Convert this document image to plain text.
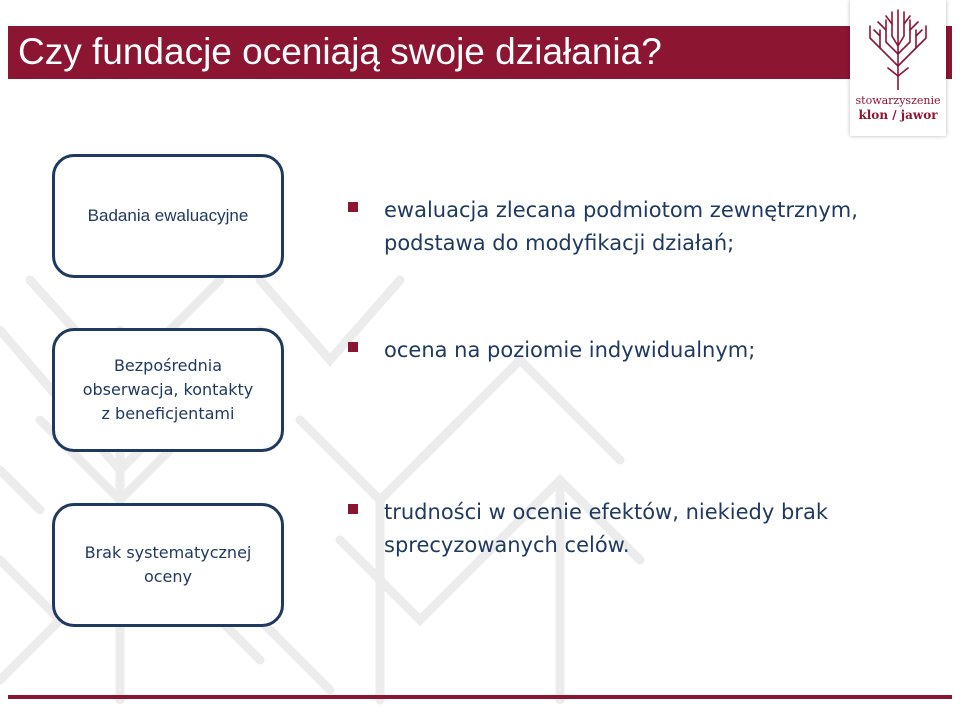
Czy fundacje oceniają swoje działania?
stowarzyszenie
klon / jawor
Badania ewaluacyjne
Bezpośrednia obserwacja, kontakty z beneficjentami
Brak systematycznej oceny
ewaluacja zlecana podmiotom zewnętrznym, podstawa do modyfikacji działań;
ocena na poziomie indywidualnym;
trudności w ocenie efektów, niekiedy brak sprecyzowanych celów.
